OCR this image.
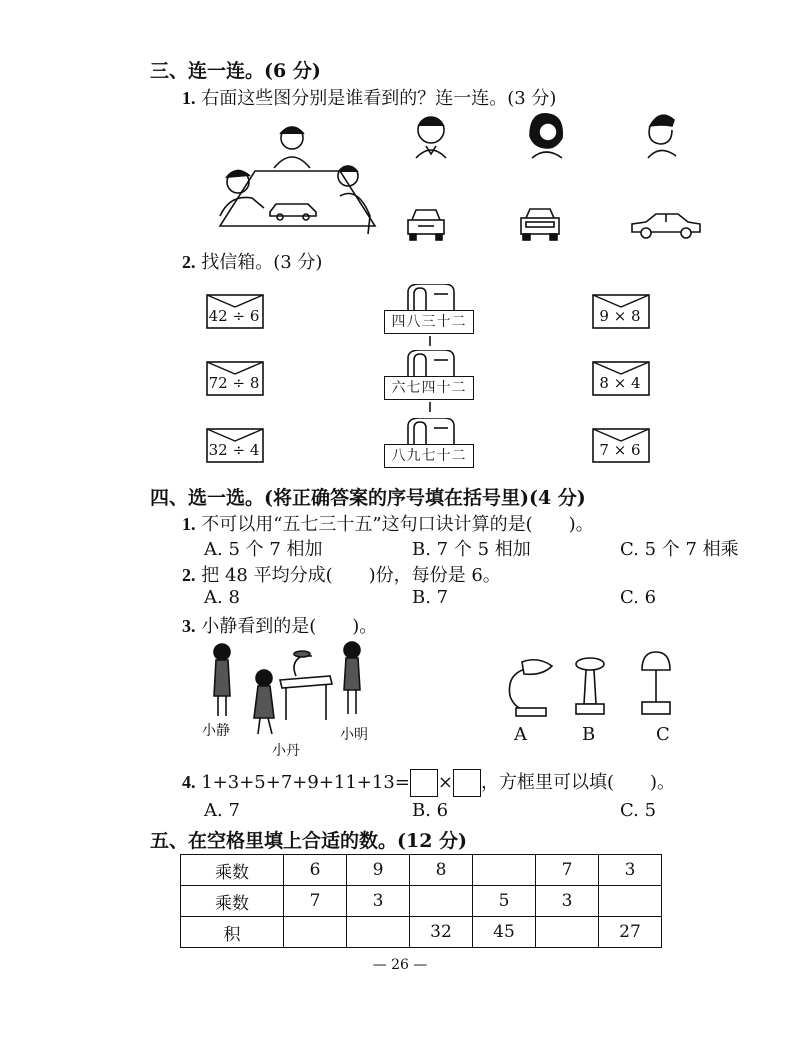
三、连一连。(6 分)
1. 右面这些图分别是谁看到的？连一连。(3 分)
2. 找信箱。(3 分)
42 ÷ 6
72 ÷ 8
32 ÷ 4
四八三十二
六七四十二
八九七十二
9 × 8
8 × 4
7 × 6
四、选一选。(将正确答案的序号填在括号里)(4 分)
1. 不可以用“五七三十五”这句口诀计算的是(　　)。
A. 5 个 7 相加	B. 7 个 5 相加	C. 5 个 7 相乘
2. 把 48 平均分成(　　)份，每份是 6。
A. 8	B. 7	C. 6
3. 小静看到的是(　　)。
小静
小丹
小明	A	B	C
4. 1+3+5+7+9+11+13= × ，方框里可以填(　　)。
A. 7	B. 6	C. 5
五、在空格里填上合适的数。(12 分)
乘数	6	9	8		7	3
乘数	7	3		5	3	
积			32	45		27
— 26 —
